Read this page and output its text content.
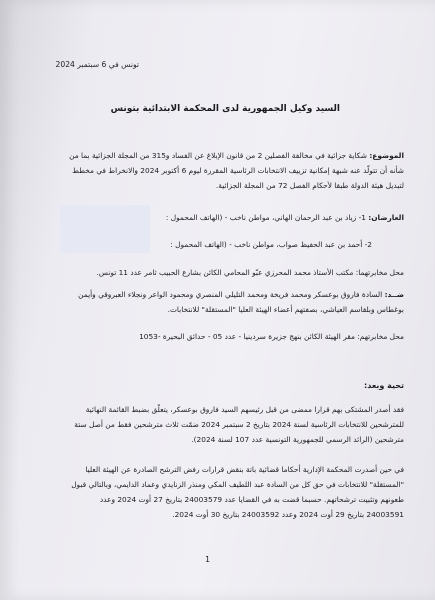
تونس في 6 سبتمبر 2024
السيد وكيل الجمهورية لدى المحكمة الابتدائية بتونس
الموضوع: شكاية جزائية في مخالفة الفصلين 2 من قانون الإبلاغ عن الفساد و315 من المجلة الجزائية بما من
شأنه أن تتولّد عنه شبهة إمكانية تزييف الانتخابات الرئاسية المقررة ليوم 6 أكتوبر 2024 والانخراط في مخطط
لتبديل هيئة الدولة طبقا لأحكام الفصل 72 من المجلة الجزائية.
العارضان: 1- زياد بن عبد الرحمان الهاني، مواطن ناخب - (الهاتف المحمول :
2- أحمد بن عبد الحفيظ صواب، مواطن ناخب - (الهاتف المحمول :
محل مخابرتهما: مكتب الأستاذ محمد المحرزي عبّو المحامي الكائن بشارع الحبيب ثامر عدد 11 تونس.
ضــد: السادة فاروق بوعسكر ومحمد فريخة ومحمد التليلي المنصري ومحمود الواعر ونجلاء العبروقي وأيمن
بوغطاس وبلقاسم العياشي، بصفتهم أعضاء الهيئة العليا "المستقلة" للانتخابات.
محل مخابرتهم: مقر الهيئة الكائن بنهج جزيرة سردينيا - عدد 05 - حدائق البحيرة -1053
تحية وبعد:
فقد أصدر المشتكى بهم قرارا ممضى من قبل رئيسهم السيد فاروق بوعسكر، يتعلّق بضبط القائمة النهائية
للمترشحين للانتخابات الرئاسية لسنة 2024 بتاريخ 2 سبتمبر 2024 ضمّت ثلاث مترشحين فقط من أصل ستة
مترشحين (الرائد الرسمي للجمهورية التونسية عدد 107 لسنة 2024).
في حين أصدرت المحكمة الإدارية أحكاما قضائية باتة بنقض قرارات رفض الترشح الصادرة عن الهيئة العليا
"المستقلة" للانتخابات في حق كل من السادة عبد اللطيف المكي ومنذر الزنايدي وعماد الدايمي، وبالتالي قبول
طعونهم وتثبيت ترشحاتهم. حسبما قضت به في القضايا عدد 24003579 بتاريخ 27 أوت 2024 وعدد
24003591 بتاريخ 29 أوت 2024 وعدد 24003592 بتاريخ 30 أوت 2024.
1
